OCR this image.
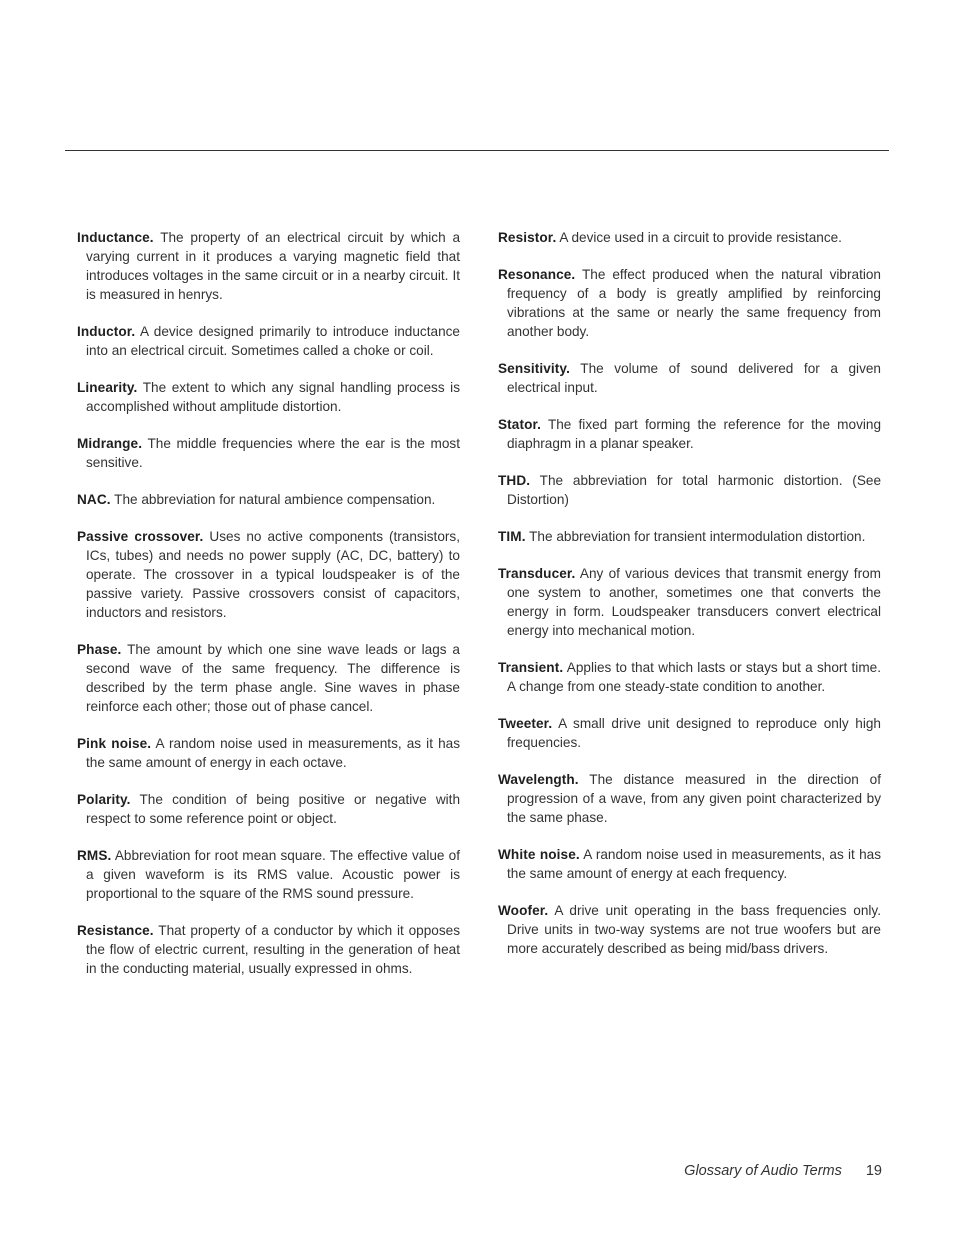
Inductance. The property of an electrical circuit by which a varying current in it produces a varying magnetic field that introduces voltages in the same circuit or in a nearby circuit. It is measured in henrys.

Inductor. A device designed primarily to introduce inductance into an electrical circuit. Sometimes called a choke or coil.

Linearity. The extent to which any signal handling process is accomplished without amplitude distortion.

Midrange. The middle frequencies where the ear is the most sensitive.

NAC. The abbreviation for natural ambience compensation.

Passive crossover. Uses no active components (transistors, ICs, tubes) and needs no power supply (AC, DC, battery) to operate. The crossover in a typical loudspeaker is of the passive variety. Passive crossovers consist of capacitors, inductors and resistors.

Phase. The amount by which one sine wave leads or lags a second wave of the same frequency. The difference is described by the term phase angle. Sine waves in phase reinforce each other; those out of phase cancel.

Pink noise. A random noise used in measurements, as it has the same amount of energy in each octave.

Polarity. The condition of being positive or negative with respect to some reference point or object.

RMS. Abbreviation for root mean square. The effective value of a given waveform is its RMS value. Acoustic power is proportional to the square of the RMS sound pressure.

Resistance. That property of a conductor by which it opposes the flow of electric current, resulting in the generation of heat in the conducting material, usually expressed in ohms.

Resistor. A device used in a circuit to provide resistance.

Resonance. The effect produced when the natural vibration frequency of a body is greatly amplified by reinforcing vibrations at the same or nearly the same frequency from another body.

Sensitivity. The volume of sound delivered for a given electrical input.

Stator. The fixed part forming the reference for the moving diaphragm in a planar speaker.

THD. The abbreviation for total harmonic distortion. (See Distortion)

TIM. The abbreviation for transient intermodulation distortion.

Transducer. Any of various devices that transmit energy from one system to another, sometimes one that converts the energy in form. Loudspeaker transducers convert electrical energy into mechanical motion.

Transient. Applies to that which lasts or stays but a short time. A change from one steady-state condition to another.

Tweeter. A small drive unit designed to reproduce only high frequencies.

Wavelength. The distance measured in the direction of progression of a wave, from any given point characterized by the same phase.

White noise. A random noise used in measurements, as it has the same amount of energy at each frequency.

Woofer. A drive unit operating in the bass frequencies only. Drive units in two-way systems are not true woofers but are more accurately described as being mid/bass drivers.

Glossary of Audio Terms 19
